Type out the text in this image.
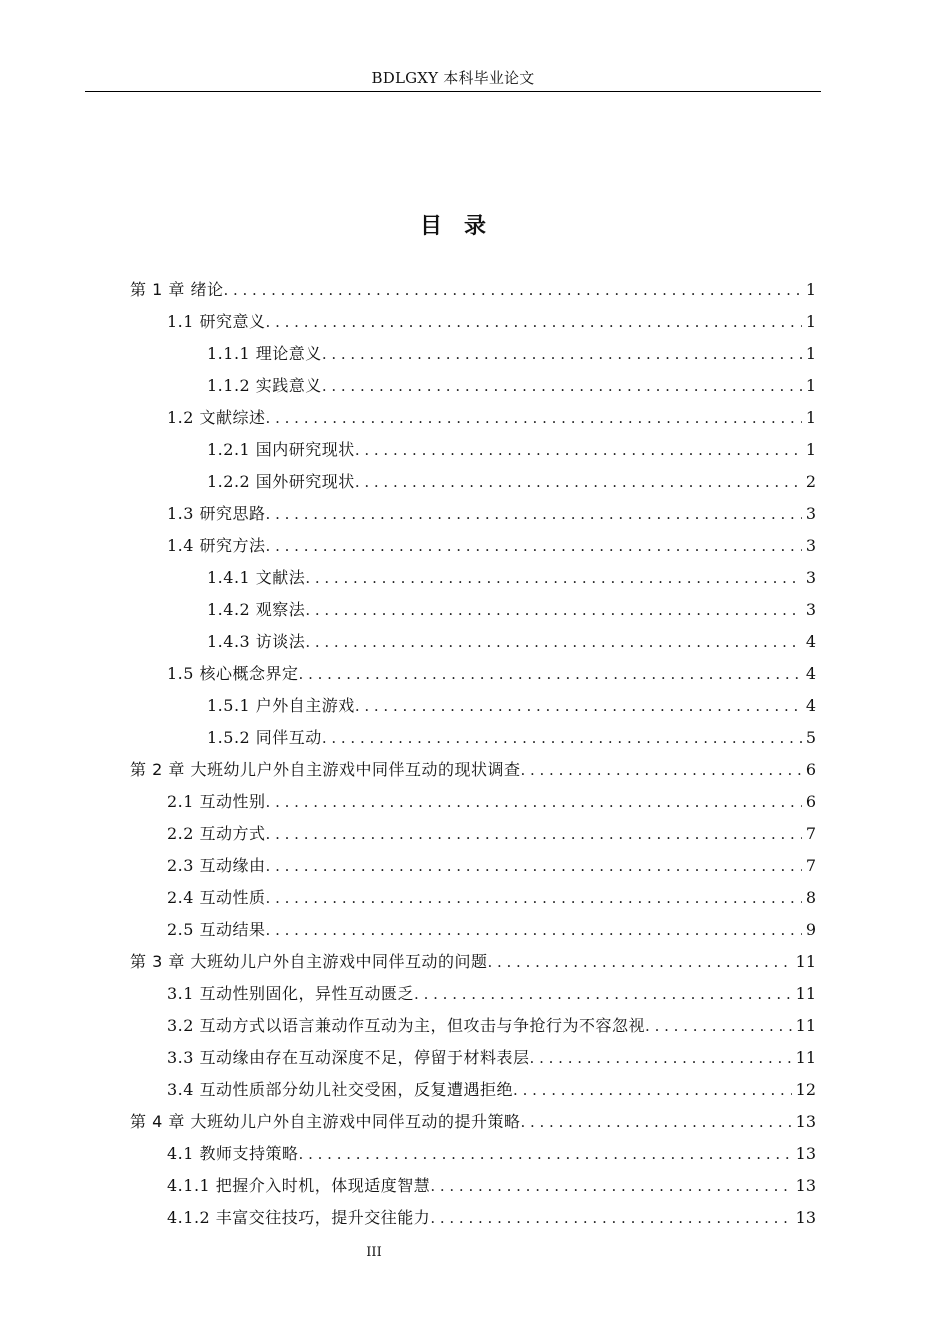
BDLGXY 本科毕业论文
目录
第 1 章 绪论 . . .	1
1.1 研究意义 . . .	1
1.1.1 理论意义 . . .	1
1.1.2 实践意义 . . .	1
1.2 文献综述 . . .	1
1.2.1 国内研究现状 . . .	1
1.2.2 国外研究现状 . . .	2
1.3 研究思路 . . .	3
1.4 研究方法 . . .	3
1.4.1 文献法 . . .	3
1.4.2 观察法 . . .	3
1.4.3 访谈法 . . .	4
1.5 核心概念界定 . . .	4
1.5.1 户外自主游戏 . . .	4
1.5.2 同伴互动 . . .	5
第 2 章 大班幼儿户外自主游戏中同伴互动的现状调查 . . .	6
2.1 互动性别 . . .	6
2.2 互动方式 . . .	7
2.3 互动缘由 . . .	7
2.4 互动性质 . . .	8
2.5 互动结果 . . .	9
第 3 章 大班幼儿户外自主游戏中同伴互动的问题 . . .	11
3.1 互动性别固化，异性互动匮乏 . . .	11
3.2 互动方式以语言兼动作互动为主，但攻击与争抢行为不容忽视 . . .	11
3.3 互动缘由存在互动深度不足，停留于材料表层 . . .	11
3.4 互动性质部分幼儿社交受困，反复遭遇拒绝 . . .	12
第 4 章 大班幼儿户外自主游戏中同伴互动的提升策略 . . .	13
4.1 教师支持策略 . . .	13
4.1.1 把握介入时机，体现适度智慧 . . .	13
4.1.2 丰富交往技巧，提升交往能力 . . .	13
III
